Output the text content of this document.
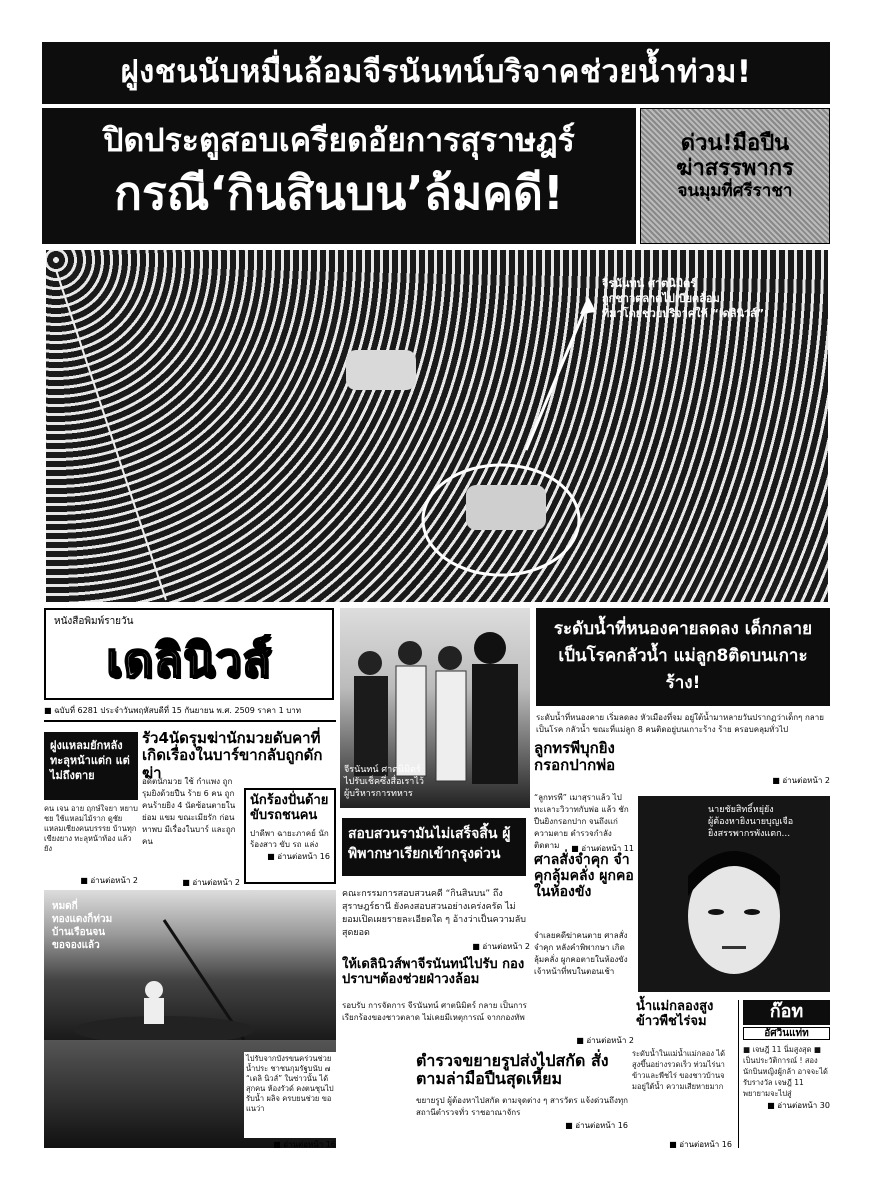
ฝูงชนนับหมื่นล้อมจีรนันทน์บริจาคช่วยน้ำท่วม!
ปิดประตูสอบเครียดอัยการสุราษฎร์
กรณี‘กินสินบน’ล้มคดี!
ด่วน!มือปืน
ฆ่าสรรพากร
จนมุมที่ศรีราชา
จีรนันทน์ ศาตนิมิตร์
ถูกชาวตลาดไปเบียดล้อม
ที่มาโดยช่วยบริจาคให้ “เดลินิวส์”
หนังสือพิมพ์รายวัน
เดลินิวส์
■ ฉบับที่ 6281 ประจำวันพฤหัสบดีที่ 15 กันยายน พ.ศ. 2509 ราคา 1 บาท
ฝูงแหลมยักหลัง ทะลุหน้าแต่ก แต่ไม่ถึงตาย
คน เจน อาย ฤกษ์ใจยา หยาบชย ใช้แหลมไม้ราก ดูชัยแหลมเชียงคนบรรรย บ้านทุกเขียงยาง ทะลุหน้าท้อง แล้วยัง
■ อ่านต่อหน้า 2
รัว4นัดรุมฆ่านักมวยดับคาที่ เกิดเรื่องในบาร์ขากลับถูกดักฆ่า
อดีตนักมวย ใช้ กำแพง ถูกรุมยิงด้วยปืน ร้าย 6 คน ถูกคนร้ายยิง 4 นัดซ้อนตายใน ย่อม แขม ขณะเมียรัก ก่อนหาพบ มีเรื่องในบาร์ และถูกคน
■ อ่านต่อหน้า 2
นักร้องปั่นด้าย ขับรถชนคน
ปาดีพา ฉายะภาคย์ นักร้องสาว ขับ รถ แล่ง
■ อ่านต่อหน้า 16
หมดกี่
ทองแดงก็ท่วม
บ้านเรือนจน
ขอจองแล้ว
ไปรับจากบังรขนคร่วนช่วยน้ำประ ชาชนกุมรัฐบนับ ๗ “เดลิ นิวส์” ในซ่าวนั้น ได้สุกคน ห้องรัวด์ คงตนชุนไปรับน้ำ ผลิจ ครบยนช่วย ขอแนว่า
■ อ่านต่อหน้า 16
จีรนันทน์ ศาตนิมิตร์
ไปรับเช็คซึ่งสื่อเราไว้
ผู้บริหารการทหาร
สอบสวนรามันไม่เสร็จสิ้น ผู้พิพากษาเรียกเข้ากรุงด่วน
คณะกรรมการสอบสวนคดี “กินสินบน” ถึง สุราษฎร์ธานี ยังคงสอบสวนอย่างเคร่งครัด ไม่ ยอมเปิดเผยรายละเอียดใด ๆ อ้างว่าเป็นความลับ สุดยอด
■ อ่านต่อหน้า 2
ให้เดลินิวส์พาจีรนันทน์ไปรับ กองปราบฯต้องช่วยฝ่าวงล้อม
รอบรับ การจัดการ จีรนันทน์ ศาตนิมิตร์ กลาย เป็นการเรียกร้องของชาวตลาด ไม่เคยมีเหตุการณ์ จากกองทัพ
ตำรวจขยายรูปส่งไปสกัด สั่งตามล่ามือปืนสุดเหี้ยม
ขยายรูป ผู้ต้องหาไปสกัด ตามจุดต่าง ๆ สารวัตร แจ้งด่วนถึงทุกสถานีตำรวจทั่ว ราชอาณาจักร
■ อ่านต่อหน้า 16
ระดับน้ำที่หนองคายลดลง เด็กกลายเป็นโรคกลัวน้ำ แม่ลูก8ติดบนเกาะร้าง!
ระดับน้ำที่หนองคาย เริ่มลดลง หัวเมืองที่จม อยู่ใต้น้ำมาหลายวันปรากฏว่าเด็กๆ กลายเป็นโรค กลัวน้ำ ขณะที่แม่ลูก 8 คนติดอยู่บนเกาะร้าง ร้าย ครอบคลุมทั่วไป
■ อ่านต่อหน้า 2
ลูกทรพีบุกยิง กรอกปากพ่อ
“ลูกทรพี” เมาสุราแล้ว ไปทะเลาะวิวาทกับพ่อ แล้ว ชักปืนยิงกรอกปาก จนถึงแก่ความตาย ตำรวจกำลังติดตาม
■	อ่านต่อหน้า 11
ศาลสั่งจำคุก จำคุกลุ้มคลั่ง ผูกคอในห้องขัง
จำเลยคดีฆ่าคนตาย ศาลสั่งจำคุก หลังคำพิพากษา เกิดลุ้มคลั่ง ผูกคอตายในห้องขัง เจ้าหน้าที่พบในตอนเช้า
■ อ่านต่อหน้า 2
นายชัยสิทธิ์หยุ่ยัง
ผู้ต้องหายิงนายบุญเจือ
ยิงสรรพากรพังแตก...
น้ำแม่กลองสูง ข้าวพืชไร่จม
ระดับน้ำในแม่น้ำแม่กลอง ได้สูงขึ้นอย่างรวดเร็ว ท่วมไร่นา ข้าวและพืชไร่ ของชาวบ้านจมอยู่ใต้น้ำ ความเสียหายมาก
■ อ่านต่อหน้า 16
ก๊อท
อัศวินแท่ท
■ เจษฎี 11 นิ่มสูงสุด ■ เป็นประวัติการณ์ ! สองนักบินหญิงผู้กล้า อาจจะได้รับรางวัล เจษฎี 11 พยายามจะไปสู่
■ อ่านต่อหน้า 30
